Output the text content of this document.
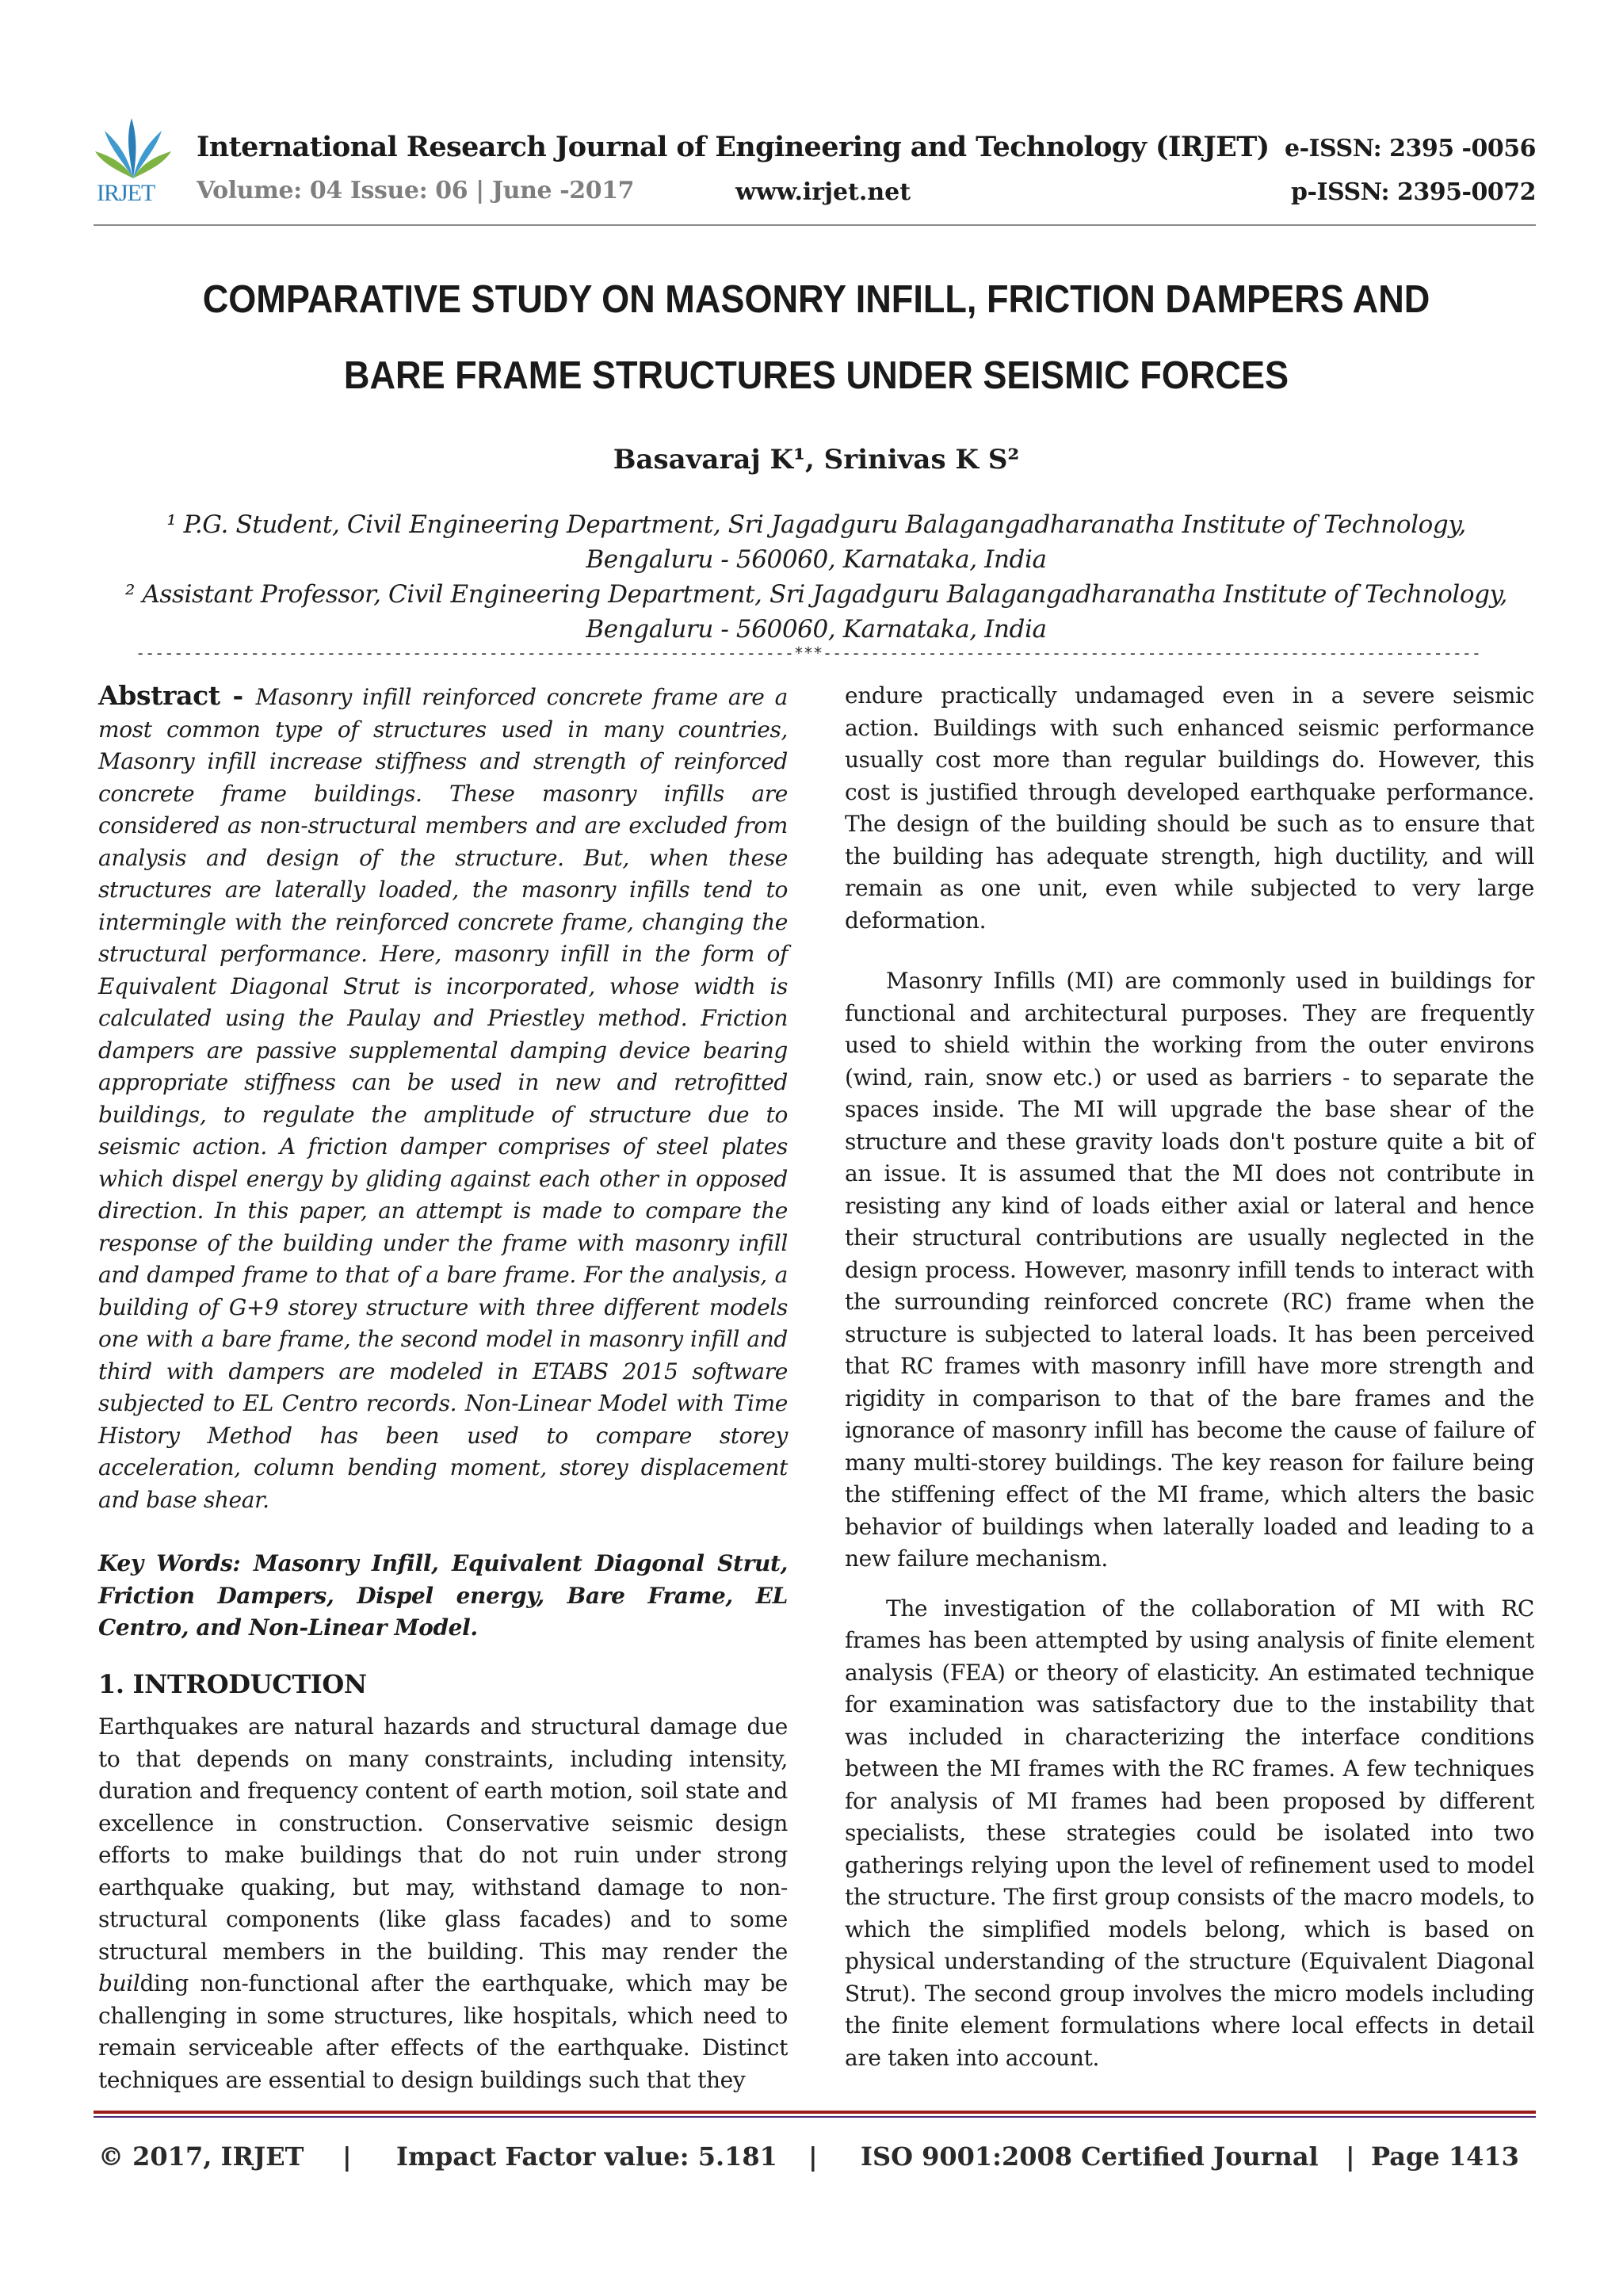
IRJET
International Research Journal of Engineering and Technology (IRJET) e-ISSN: 2395 -0056
Volume: 04 Issue: 06 | June -2017	www.irjet.net	p-ISSN: 2395-0072
COMPARATIVE STUDY ON MASONRY INFILL, FRICTION DAMPERS AND
BARE FRAME STRUCTURES UNDER SEISMIC FORCES
Basavaraj K¹, Srinivas K S²
¹ P.G. Student, Civil Engineering Department, Sri Jagadguru Balagangadharanatha Institute of Technology,
Bengaluru - 560060, Karnataka, India
² Assistant Professor, Civil Engineering Department, Sri Jagadguru Balagangadharanatha Institute of Technology,
Bengaluru - 560060, Karnataka, India
---------------------------------------------------------------------***---------------------------------------------------------------------

Abstract - Masonry infill reinforced concrete frame are a most common type of structures used in many countries, Masonry infill increase stiffness and strength of reinforced concrete frame buildings. These masonry infills are considered as non-structural members and are excluded from analysis and design of the structure. But, when these structures are laterally loaded, the masonry infills tend to intermingle with the reinforced concrete frame, changing the structural performance. Here, masonry infill in the form of Equivalent Diagonal Strut is incorporated, whose width is calculated using the Paulay and Priestley method. Friction dampers are passive supplemental damping device bearing appropriate stiffness can be used in new and retrofitted buildings, to regulate the amplitude of structure due to seismic action. A friction damper comprises of steel plates which dispel energy by gliding against each other in opposed direction. In this paper, an attempt is made to compare the response of the building under the frame with masonry infill and damped frame to that of a bare frame. For the analysis, a building of G+9 storey structure with three different models one with a bare frame, the second model in masonry infill and third with dampers are modeled in ETABS 2015 software subjected to EL Centro records. Non-Linear Model with Time History Method has been used to compare storey acceleration, column bending moment, storey displacement and base shear.

Key Words: Masonry Infill, Equivalent Diagonal Strut, Friction Dampers, Dispel energy, Bare Frame, EL Centro, and Non-Linear Model.

1. INTRODUCTION

Earthquakes are natural hazards and structural damage due to that depends on many constraints, including intensity, duration and frequency content of earth motion, soil state and excellence in construction. Conservative seismic design efforts to make buildings that do not ruin under strong earthquake quaking, but may, withstand damage to non-structural components (like glass facades) and to some structural members in the building. This may render the building non-functional after the earthquake, which may be challenging in some structures, like hospitals, which need to remain serviceable after effects of the earthquake. Distinct techniques are essential to design buildings such that they

endure practically undamaged even in a severe seismic action. Buildings with such enhanced seismic performance usually cost more than regular buildings do. However, this cost is justified through developed earthquake performance. The design of the building should be such as to ensure that the building has adequate strength, high ductility, and will remain as one unit, even while subjected to very large deformation.

Masonry Infills (MI) are commonly used in buildings for functional and architectural purposes. They are frequently used to shield within the working from the outer environs (wind, rain, snow etc.) or used as barriers - to separate the spaces inside. The MI will upgrade the base shear of the structure and these gravity loads don't posture quite a bit of an issue. It is assumed that the MI does not contribute in resisting any kind of loads either axial or lateral and hence their structural contributions are usually neglected in the design process. However, masonry infill tends to interact with the surrounding reinforced concrete (RC) frame when the structure is subjected to lateral loads. It has been perceived that RC frames with masonry infill have more strength and rigidity in comparison to that of the bare frames and the ignorance of masonry infill has become the cause of failure of many multi-storey buildings. The key reason for failure being the stiffening effect of the MI frame, which alters the basic behavior of buildings when laterally loaded and leading to a new failure mechanism.

The investigation of the collaboration of MI with RC frames has been attempted by using analysis of finite element analysis (FEA) or theory of elasticity. An estimated technique for examination was satisfactory due to the instability that was included in characterizing the interface conditions between the MI frames with the RC frames. A few techniques for analysis of MI frames had been proposed by different specialists, these strategies could be isolated into two gatherings relying upon the level of refinement used to model the structure. The first group consists of the macro models, to which the simplified models belong, which is based on physical understanding of the structure (Equivalent Diagonal Strut). The second group involves the micro models including the finite element formulations where local effects in detail are taken into account.

© 2017, IRJET | Impact Factor value: 5.181 | ISO 9001:2008 Certified Journal | Page 1413
